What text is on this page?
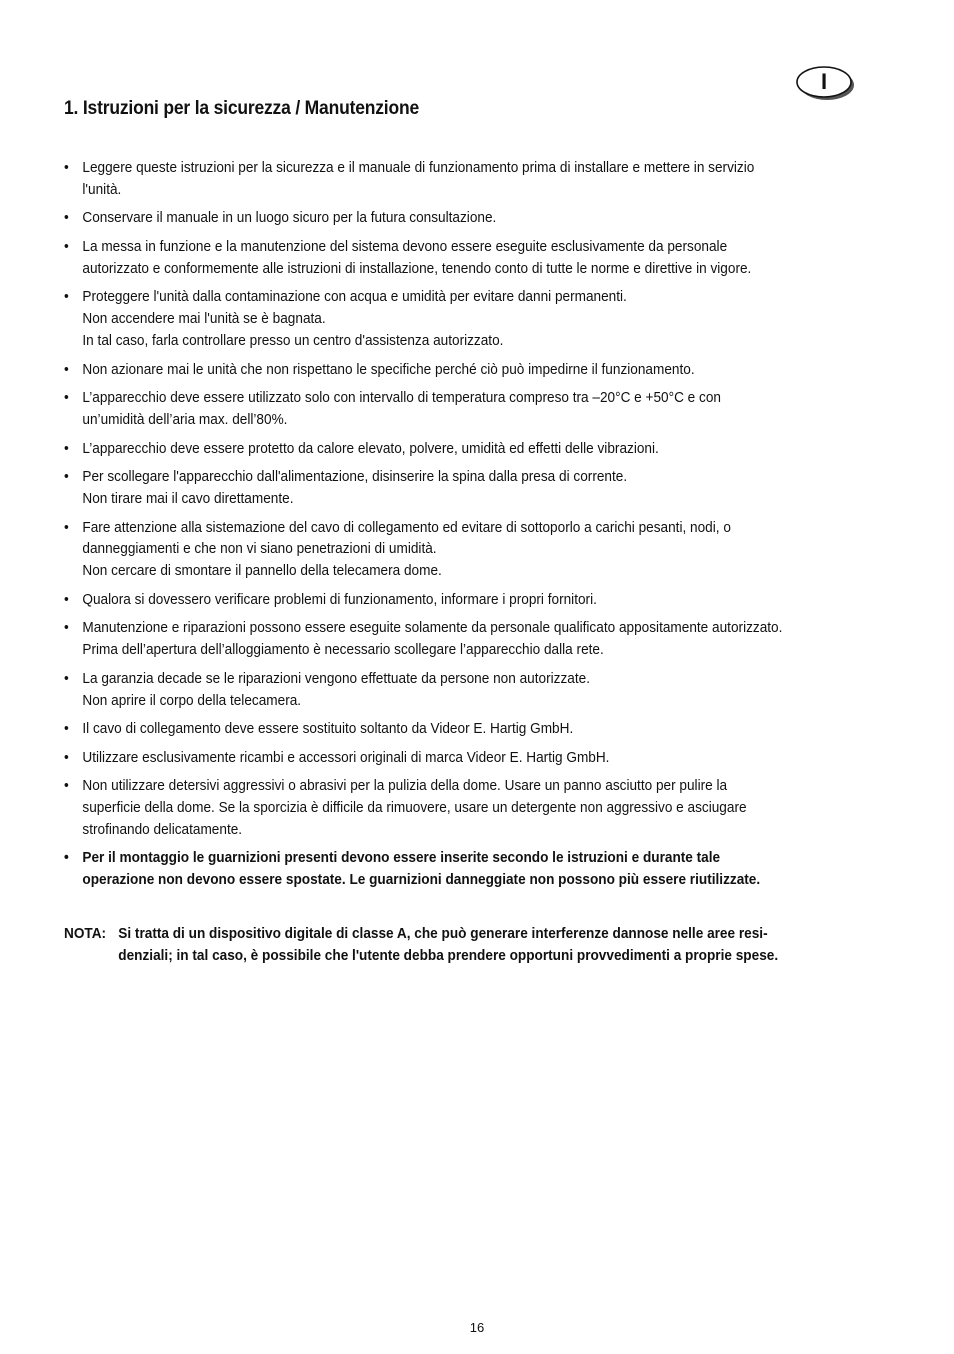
I
1. Istruzioni per la sicurezza / Manutenzione
• Leggere queste istruzioni per la sicurezza e il manuale di funzionamento prima di installare e mettere in servizio
l'unità.
• Conservare il manuale in un luogo sicuro per la futura consultazione.
• La messa in funzione e la manutenzione del sistema devono essere eseguite esclusivamente da personale
autorizzato e conformemente alle istruzioni di installazione, tenendo conto di tutte le norme e direttive in vigore.
• Proteggere l'unità dalla contaminazione con acqua e umidità per evitare danni permanenti.
Non accendere mai l'unità se è bagnata.
In tal caso, farla controllare presso un centro d'assistenza autorizzato.
• Non azionare mai le unità che non rispettano le specifiche perché ciò può impedirne il funzionamento.
• L’apparecchio deve essere utilizzato solo con intervallo di temperatura compreso tra –20°C e +50°C e con
un’umidità dell’aria max. dell’80%.
• L’apparecchio deve essere protetto da calore elevato, polvere, umidità ed effetti delle vibrazioni.
• Per scollegare l'apparecchio dall'alimentazione, disinserire la spina dalla presa di corrente.
Non tirare mai il cavo direttamente.
• Fare attenzione alla sistemazione del cavo di collegamento ed evitare di sottoporlo a carichi pesanti, nodi, o
danneggiamenti e che non vi siano penetrazioni di umidità.
Non cercare di smontare il pannello della telecamera dome.
• Qualora si dovessero verificare problemi di funzionamento, informare i propri fornitori.
• Manutenzione e riparazioni possono essere eseguite solamente da personale qualificato appositamente autorizzato.
Prima dell’apertura dell’alloggiamento è necessario scollegare l’apparecchio dalla rete.
• La garanzia decade se le riparazioni vengono effettuate da persone non autorizzate.
Non aprire il corpo della telecamera.
• Il cavo di collegamento deve essere sostituito soltanto da Videor E. Hartig GmbH.
• Utilizzare esclusivamente ricambi e accessori originali di marca Videor E. Hartig GmbH.
• Non utilizzare detersivi aggressivi o abrasivi per la pulizia della dome. Usare un panno asciutto per pulire la
superficie della dome. Se la sporcizia è difficile da rimuovere, usare un detergente non aggressivo e asciugare
strofinando delicatamente.
• Per il montaggio le guarnizioni presenti devono essere inserite secondo le istruzioni e durante tale
operazione non devono essere spostate. Le guarnizioni danneggiate non possono più essere riutilizzate.
NOTA: Si tratta di un dispositivo digitale di classe A, che può generare interferenze dannose nelle aree resi-
denziali; in tal caso, è possibile che l'utente debba prendere opportuni provvedimenti a proprie spese.
16
